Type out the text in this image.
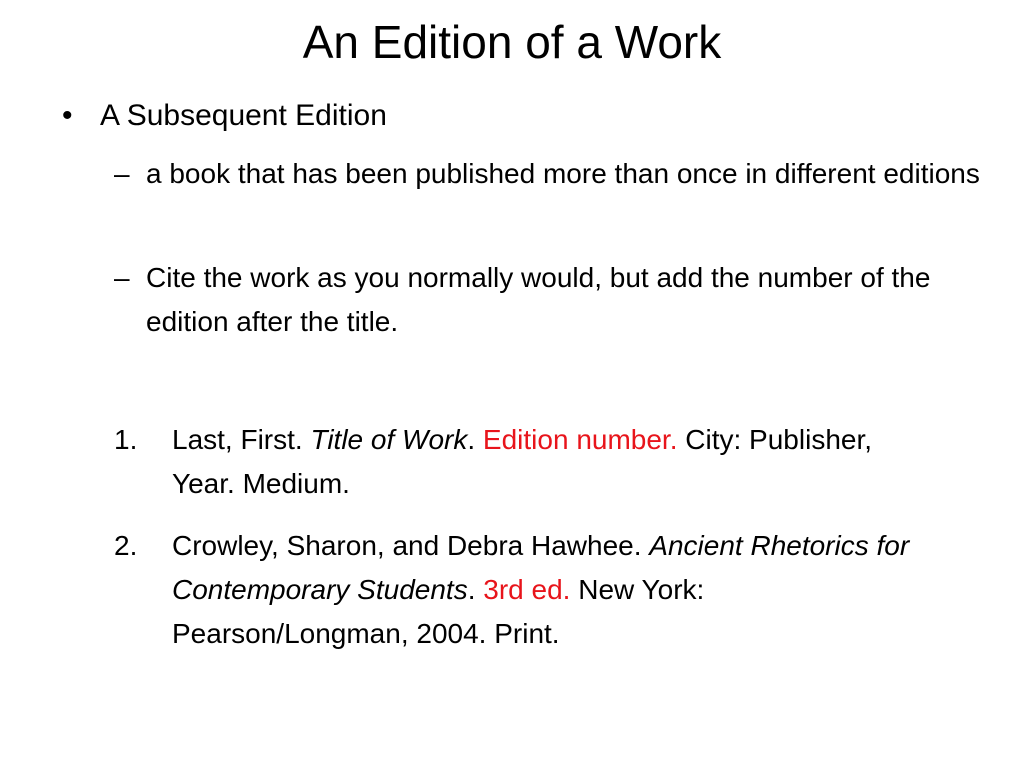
An Edition of a Work
• A Subsequent Edition
– a book that has been published more than once in different editions
– Cite the work as you normally would, but add the number of the edition after the title.
1.	Last, First. Title of Work. Edition number. City: Publisher, Year. Medium.
2.	Crowley, Sharon, and Debra Hawhee. Ancient Rhetorics for Contemporary Students. 3rd ed. New York: Pearson/Longman, 2004. Print.
